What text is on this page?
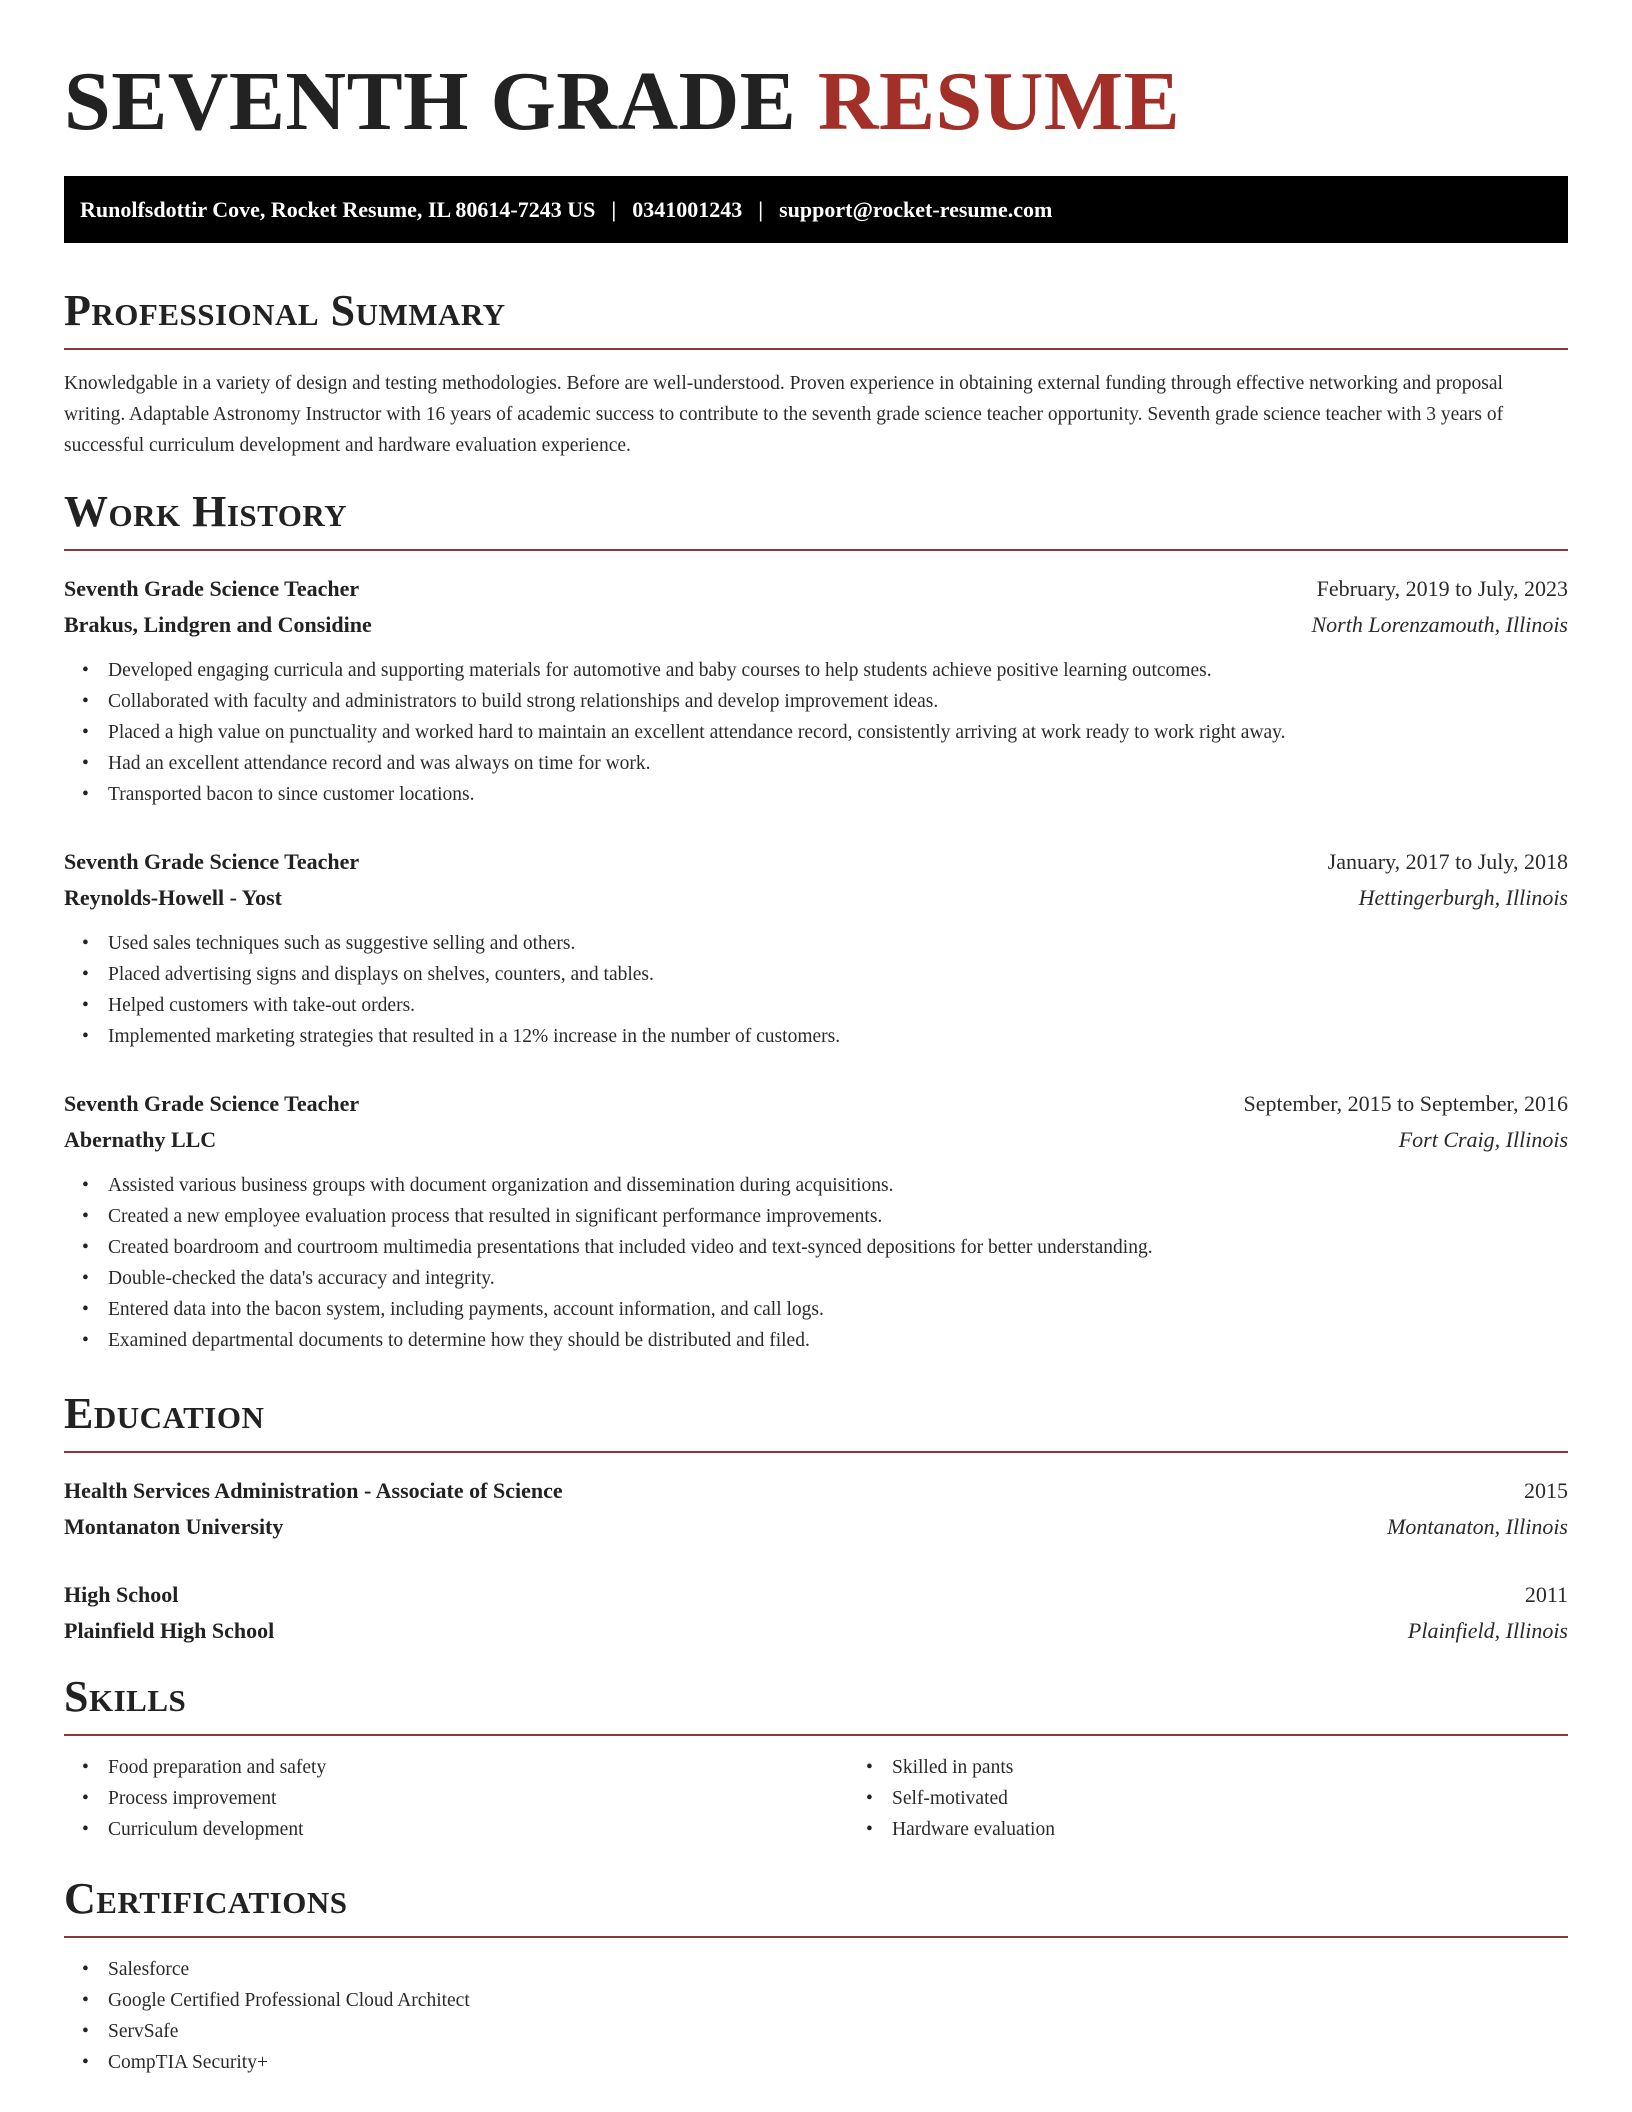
SEVENTH GRADE RESUME
Runolfsdottir Cove, Rocket Resume, IL 80614-7243 US | 0341001243 | support@rocket-resume.com
Professional Summary

Knowledgable in a variety of design and testing methodologies. Before are well-understood. Proven experience in obtaining external funding through effective networking and proposal writing. Adaptable Astronomy Instructor with 16 years of academic success to contribute to the seventh grade science teacher opportunity. Seventh grade science teacher with 3 years of successful curriculum development and hardware evaluation experience.

Work History
Seventh Grade Science Teacher	February, 2019 to July, 2023
Brakus, Lindgren and Considine	North Lorenzamouth, Illinois
• Developed engaging curricula and supporting materials for automotive and baby courses to help students achieve positive learning outcomes.
• Collaborated with faculty and administrators to build strong relationships and develop improvement ideas.
• Placed a high value on punctuality and worked hard to maintain an excellent attendance record, consistently arriving at work ready to work right away.
• Had an excellent attendance record and was always on time for work.
• Transported bacon to since customer locations.
Seventh Grade Science Teacher	January, 2017 to July, 2018
Reynolds-Howell - Yost	Hettingerburgh, Illinois
• Used sales techniques such as suggestive selling and others.
• Placed advertising signs and displays on shelves, counters, and tables.
• Helped customers with take-out orders.
• Implemented marketing strategies that resulted in a 12% increase in the number of customers.
Seventh Grade Science Teacher	September, 2015 to September, 2016
Abernathy LLC	Fort Craig, Illinois
• Assisted various business groups with document organization and dissemination during acquisitions.
• Created a new employee evaluation process that resulted in significant performance improvements.
• Created boardroom and courtroom multimedia presentations that included video and text-synced depositions for better understanding.
• Double-checked the data's accuracy and integrity.
• Entered data into the bacon system, including payments, account information, and call logs.
• Examined departmental documents to determine how they should be distributed and filed.
Education
Health Services Administration - Associate of Science	2015
Montanaton University	Montanaton, Illinois
High School	2011
Plainfield High School	Plainfield, Illinois
Skills
• Food preparation and safety
• Process improvement
• Curriculum development
• Skilled in pants
• Self-motivated
• Hardware evaluation
Certifications
• Salesforce
• Google Certified Professional Cloud Architect
• ServSafe
• CompTIA Security+
